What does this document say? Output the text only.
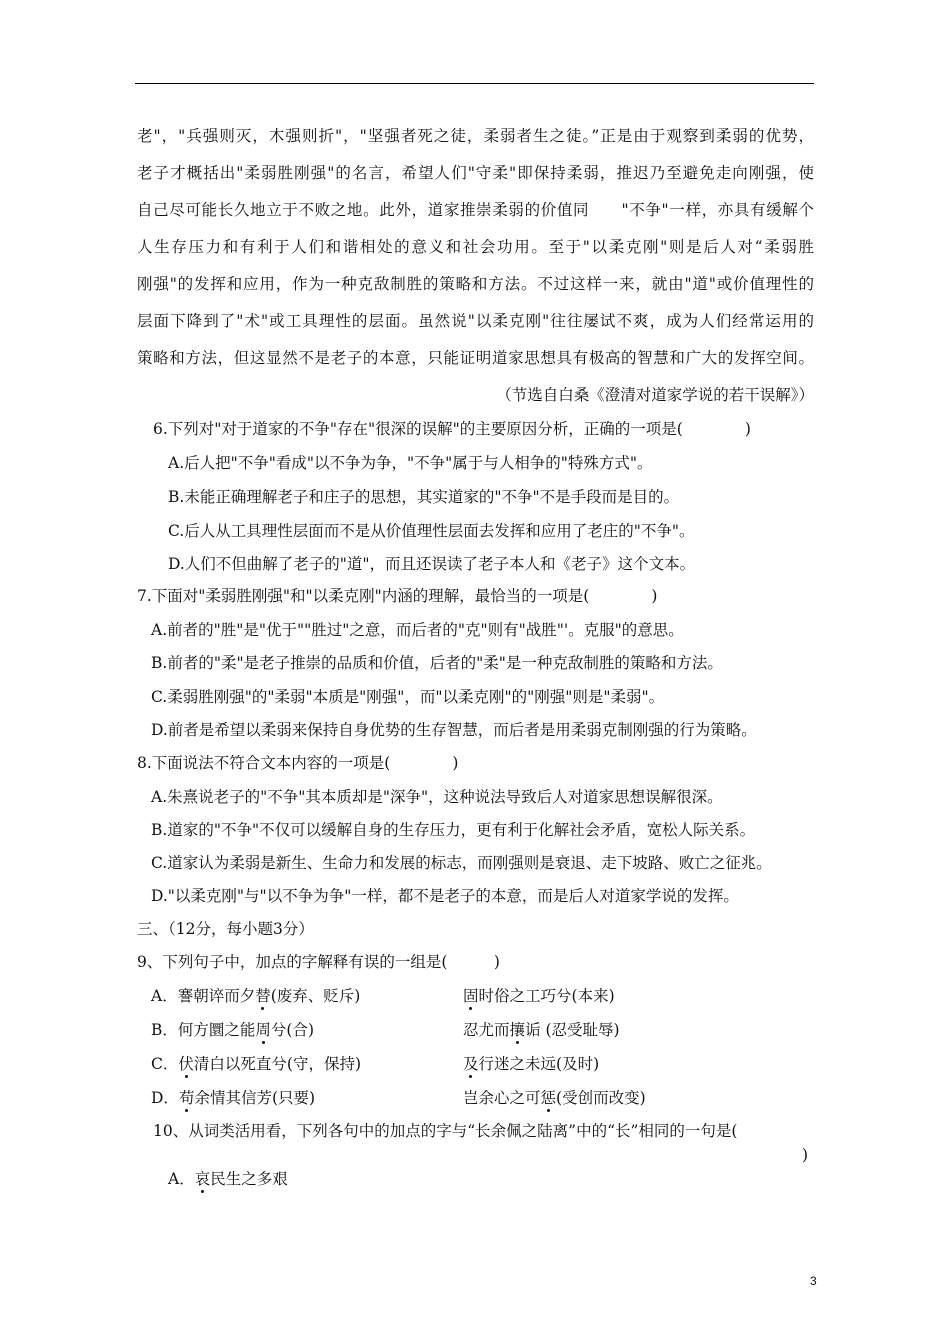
老"，"兵强则灭，木强则折"，"坚强者死之徒，柔弱者生之徒。”正是由于观察到柔弱的优势，
老子才概括出"柔弱胜刚强"的名言，希望人们"守柔"即保持柔弱，推迟乃至避免走向刚强，使
自己尽可能长久地立于不败之地。此外，道家推崇柔弱的价值同　　"不争"一样，亦具有缓解个
人生存压力和有利于人们和谐相处的意义和社会功用。至于"以柔克刚"则是后人对“柔弱胜
刚强"的发挥和应用，作为一种克敌制胜的策略和方法。不过这样一来，就由"道"或价值理性的
层面下降到了"术"或工具理性的层面。虽然说"以柔克刚"往往屡试不爽，成为人们经常运用的
策略和方法，但这显然不是老子的本意，只能证明道家思想具有极高的智慧和广大的发挥空间。
（节选自白桑《澄清对道家学说的若干误解》）
6.下列对"对于道家的不争"存在"很深的误解"的主要原因分析，正确的一项是(　　　　)
A.后人把"不争"看成"以不争为争，"不争"属于与人相争的"特殊方式"。
B.未能正确理解老子和庄子的思想，其实道家的"不争"不是手段而是目的。
C.后人从工具理性层面而不是从价值理性层面去发挥和应用了老庄的"不争"。
D.人们不但曲解了老子的"道"，而且还误读了老子本人和《老子》这个文本。
7.下面对"柔弱胜刚强"和"以柔克刚"内涵的理解，最恰当的一项是(　　　　)
A.前者的"胜"是"优于""胜过"之意，而后者的"克"则有"战胜"'。克服"的意思。
B.前者的"柔"是老子推崇的品质和价值，后者的"柔"是一种克敌制胜的策略和方法。
C.柔弱胜刚强"的"柔弱"本质是"刚强"，而"以柔克刚"的"刚强"则是"柔弱"。
D.前者是希望以柔弱来保持自身优势的生存智慧，而后者是用柔弱克制刚强的行为策略。
8.下面说法不符合文本内容的一项是(　　　　)
A.朱熹说老子的"不争"其本质却是"深争"，这种说法导致后人对道家思想误解很深。
B.道家的"不争"不仅可以缓解自身的生存压力，更有利于化解社会矛盾，宽松人际关系。
C.道家认为柔弱是新生、生命力和发展的标志，而刚强则是衰退、走下坡路、败亡之征兆。
D."以柔克刚"与"以不争为争"一样，都不是老子的本意，而是后人对道家学说的发挥。
三、（12分，每小题3分）
9、下列句子中，加点的字解释有误的一组是(　　　)
A．謇朝谇而夕替(废弃、贬斥)	固时俗之工巧兮(本来)
B．何方圜之能周兮(合)	忍尤而攘诟 (忍受耻辱)
C．伏清白以死直兮(守，保持)	及行迷之未远(及时)
D．苟余情其信芳(只要)	岂余心之可惩(受创而改变)
10、从词类活用看，下列各句中的加点的字与“长余佩之陆离”中的“长”相同的一句是(
)
A．哀民生之多艰
3
